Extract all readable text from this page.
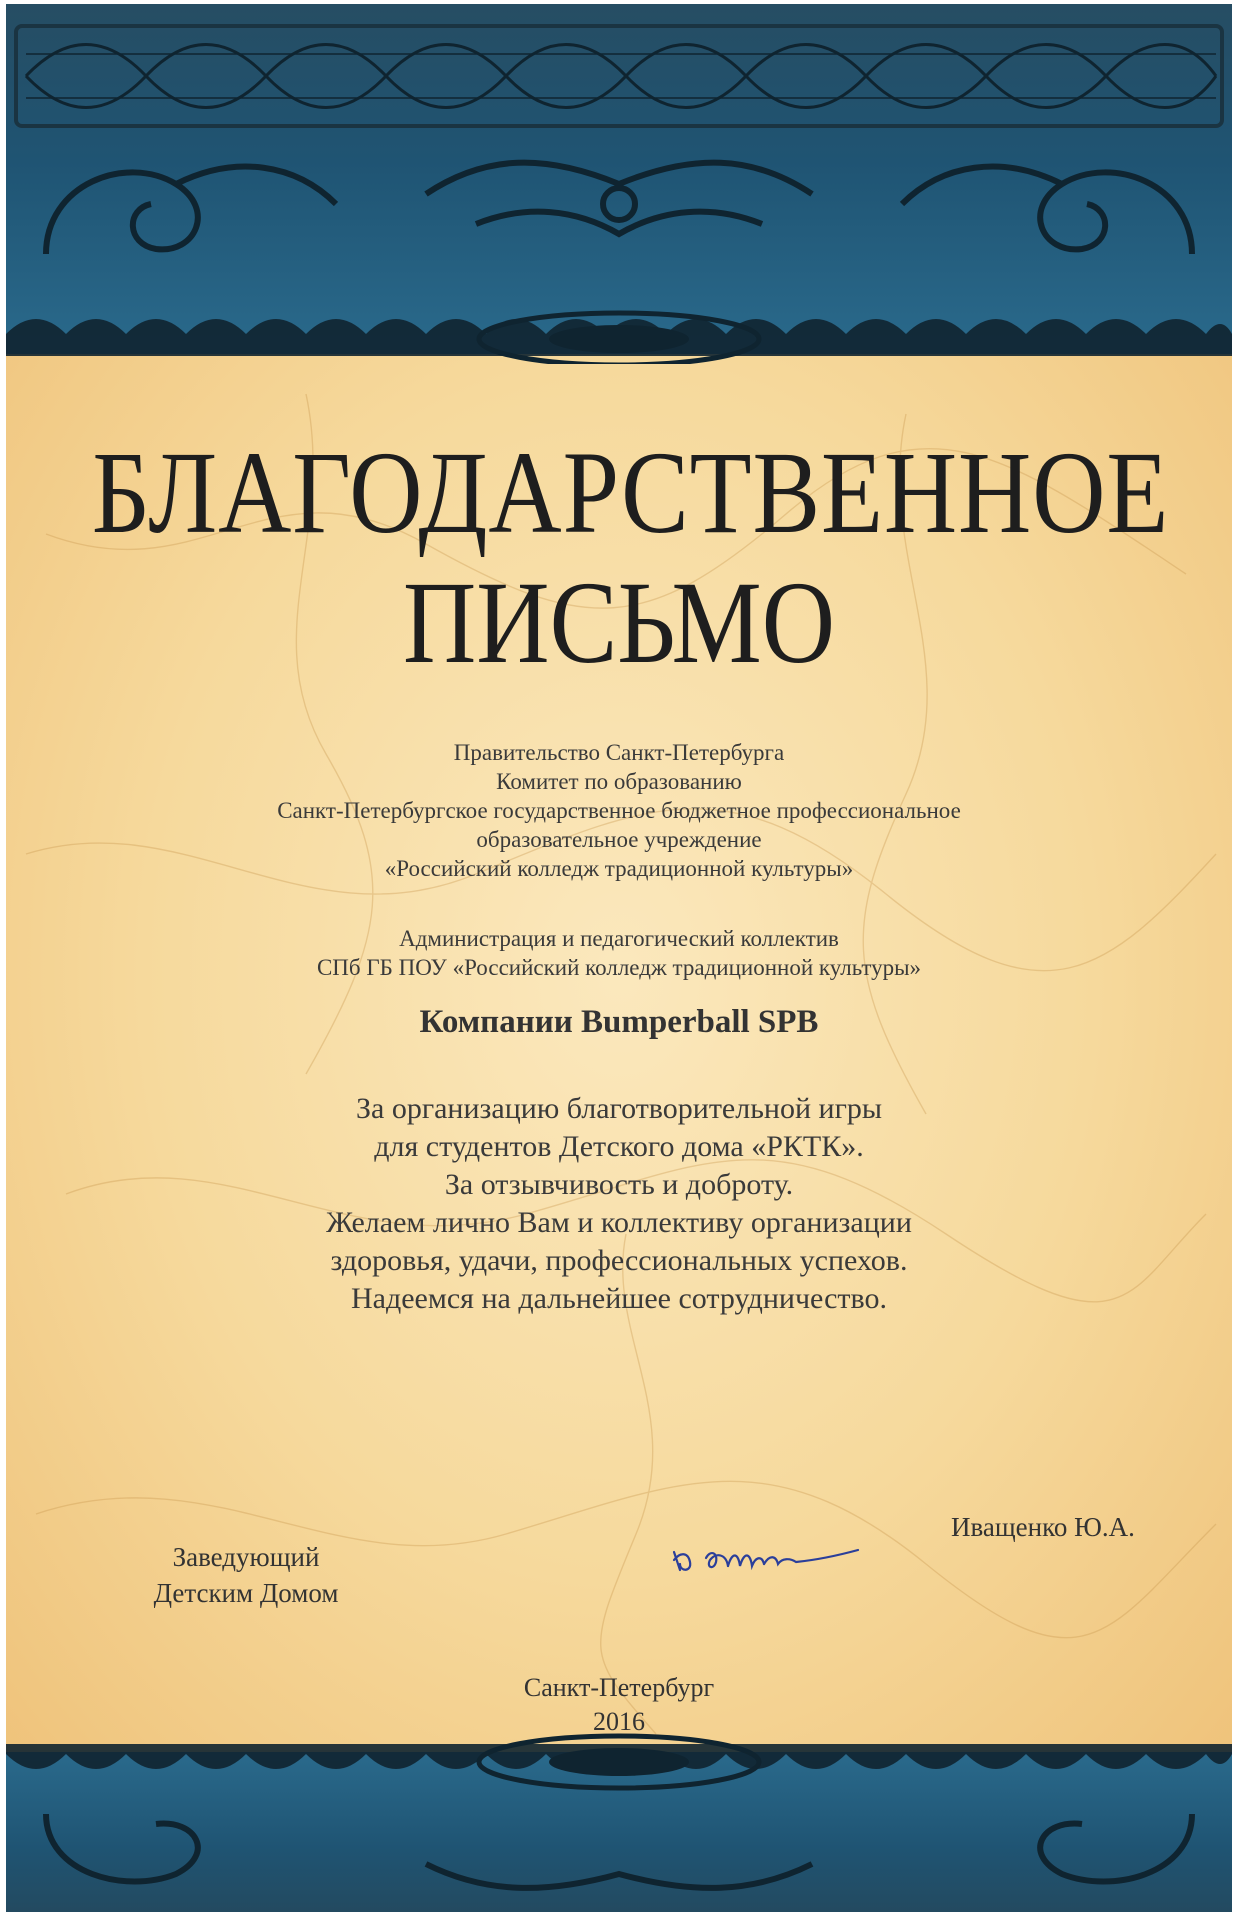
БЛАГОДАРСТВЕННОЕ
ПИСЬМО
Правительство Санкт-Петербурга
Комитет по образованию
Санкт-Петербургское государственное бюджетное профессиональное
образовательное учреждение
«Российский колледж традиционной культуры»
Администрация и педагогический коллектив
СПб ГБ ПОУ «Российский колледж традиционной культуры»
Компании Bumperball SPB
За организацию благотворительной игры
для студентов Детского дома «РКТК».
За отзывчивость и доброту.
Желаем лично Вам и коллективу организации
здоровья, удачи, профессиональных успехов.
Надеемся на дальнейшее сотрудничество.
Заведующий
Детским Домом
Иващенко Ю.А.
Санкт-Петербург
2016
